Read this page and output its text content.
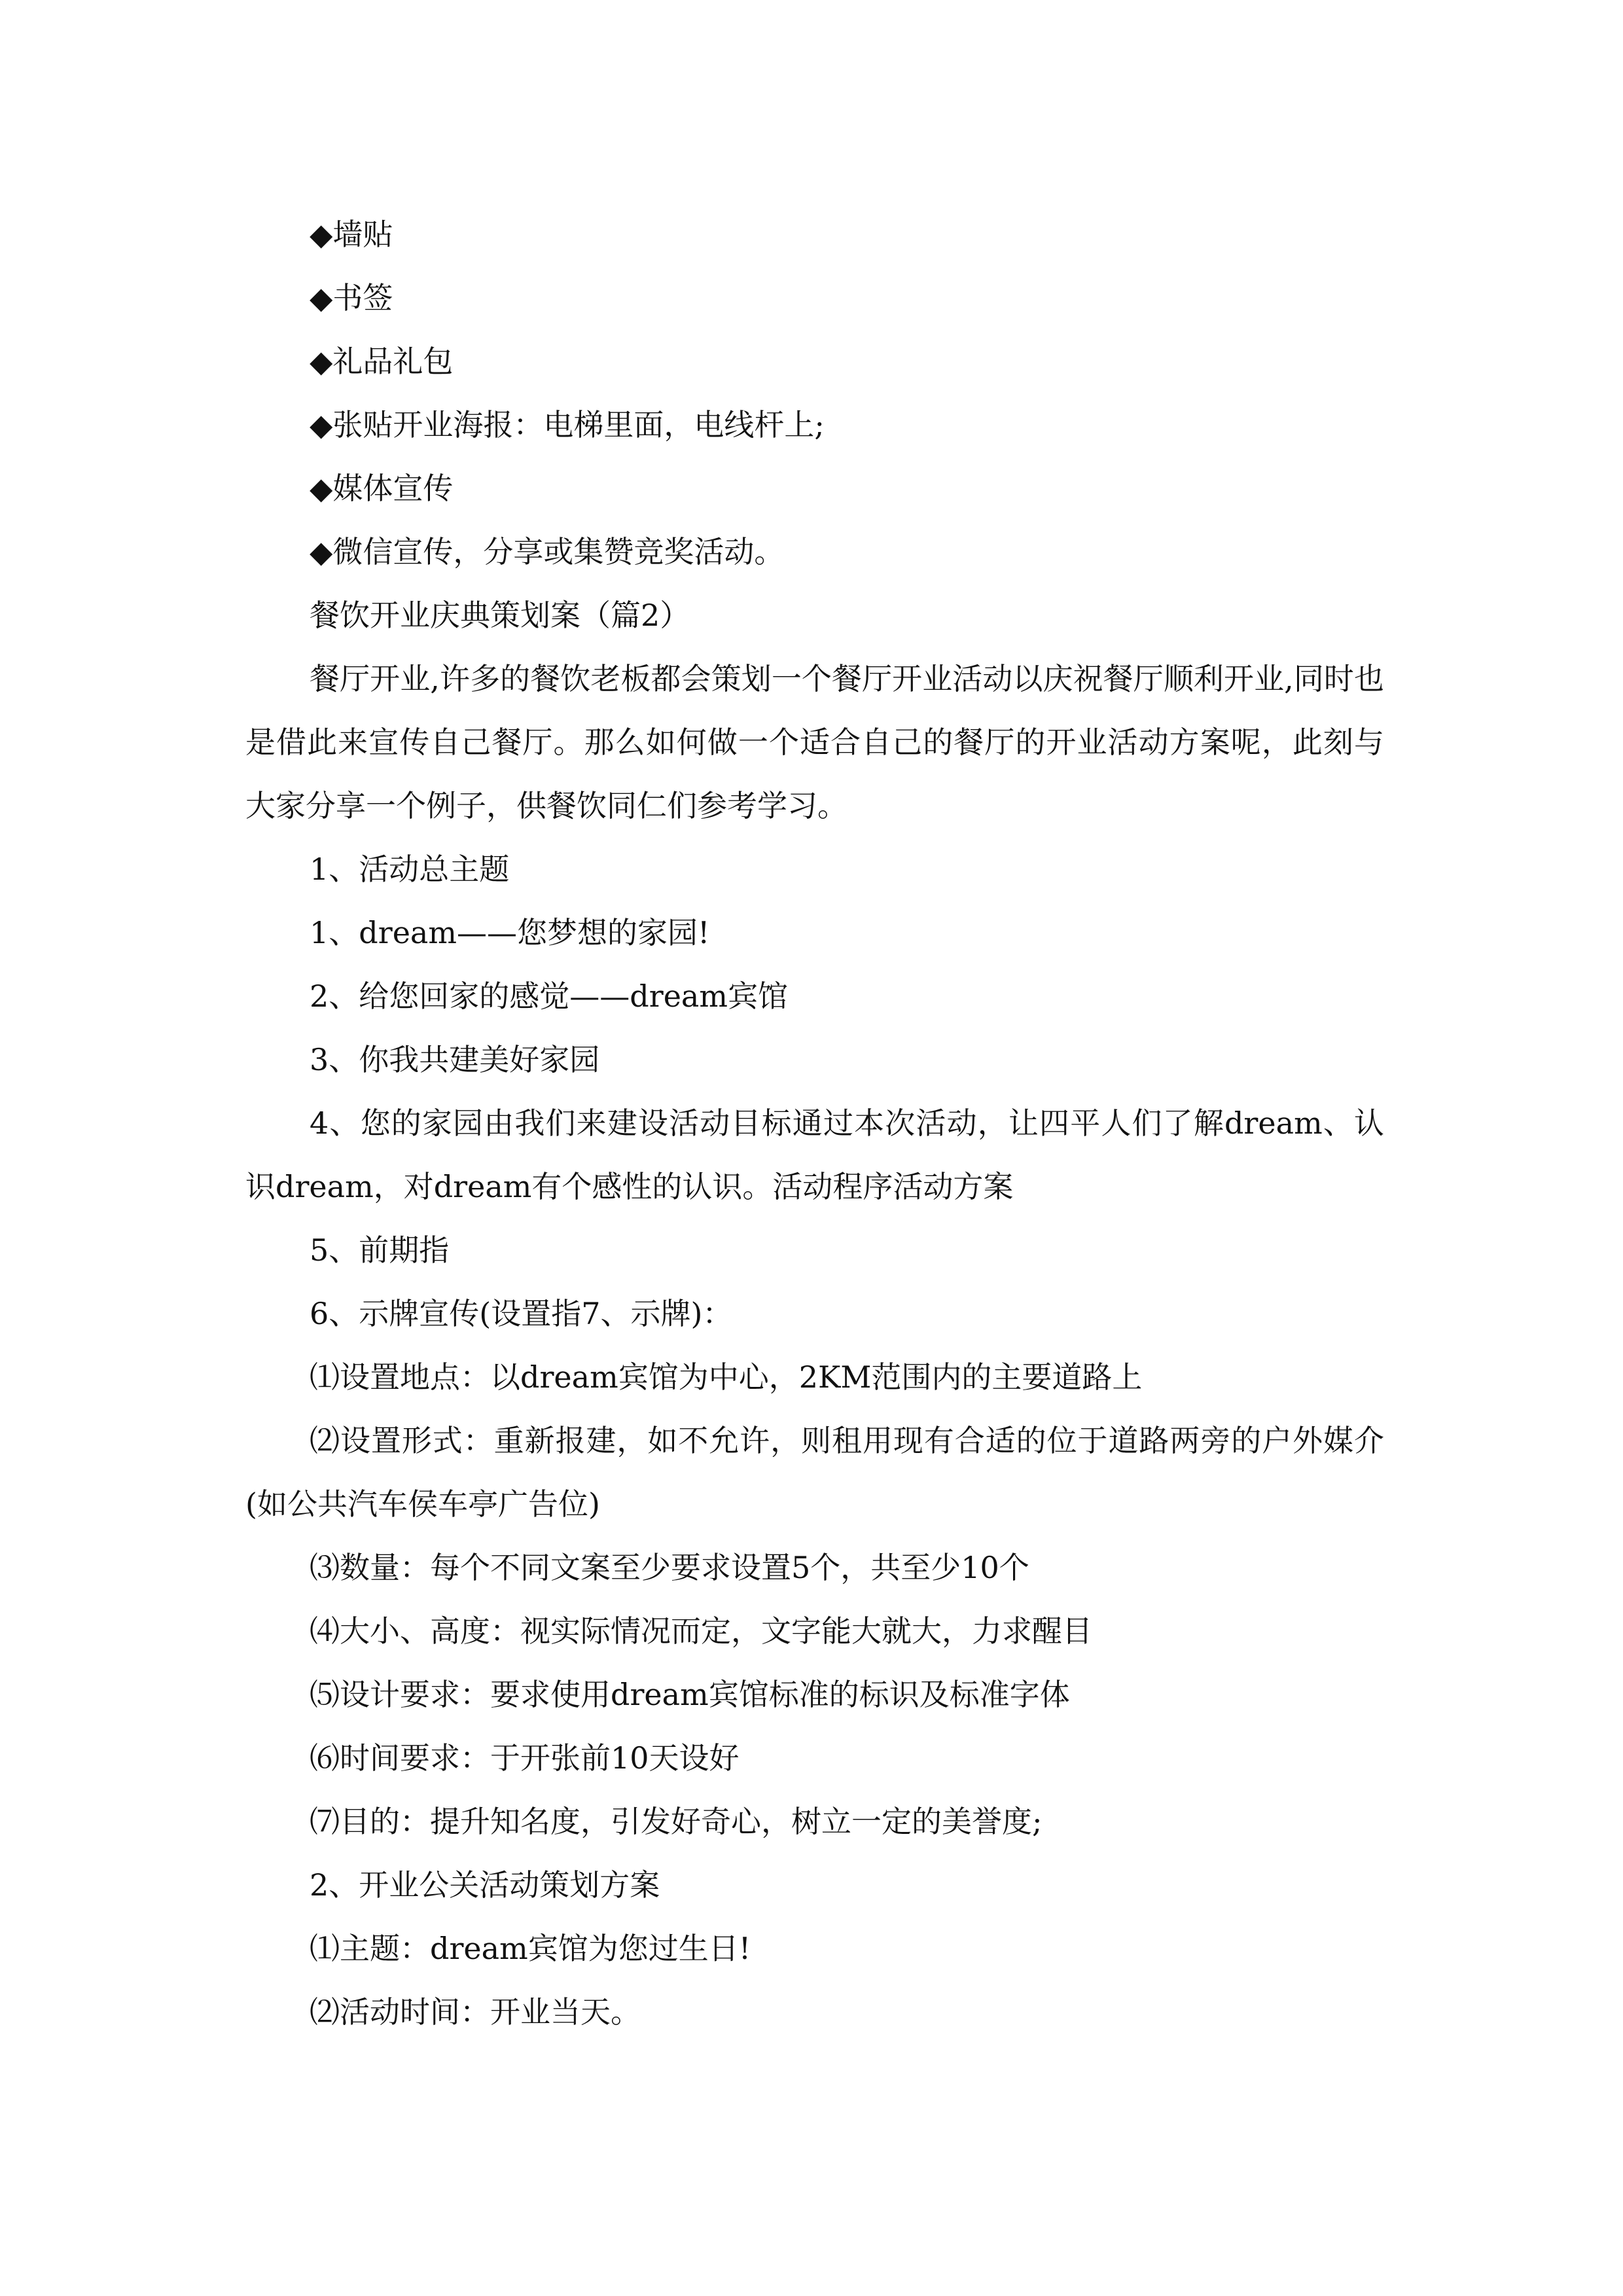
◆墙贴

◆书签

◆礼品礼包

◆张贴开业海报：电梯里面，电线杆上;

◆媒体宣传

◆微信宣传，分享或集赞竞奖活动。

餐饮开业庆典策划案（篇2）

餐厅开业,许多的餐饮老板都会策划一个餐厅开业活动以庆祝餐厅顺利开业,同时也是借此来宣传自己餐厅。那么如何做一个适合自己的餐厅的开业活动方案呢，此刻与大家分享一个例子，供餐饮同仁们参考学习。

1、活动总主题

1、dream——您梦想的家园!

2、给您回家的感觉——dream宾馆

3、你我共建美好家园

4、您的家园由我们来建设活动目标通过本次活动，让四平人们了解dream、认识dream，对dream有个感性的认识。活动程序活动方案

5、前期指

6、示牌宣传(设置指7、示牌)：

⑴设置地点：以dream宾馆为中心，2KM范围内的主要道路上

⑵设置形式：重新报建，如不允许，则租用现有合适的位于道路两旁的户外媒介(如公共汽车侯车亭广告位)

⑶数量：每个不同文案至少要求设置5个，共至少10个

⑷大小、高度：视实际情况而定，文字能大就大，力求醒目

⑸设计要求：要求使用dream宾馆标准的标识及标准字体

⑹时间要求：于开张前10天设好

⑺目的：提升知名度，引发好奇心，树立一定的美誉度;

2、开业公关活动策划方案

⑴主题：dream宾馆为您过生日!

⑵活动时间：开业当天。
